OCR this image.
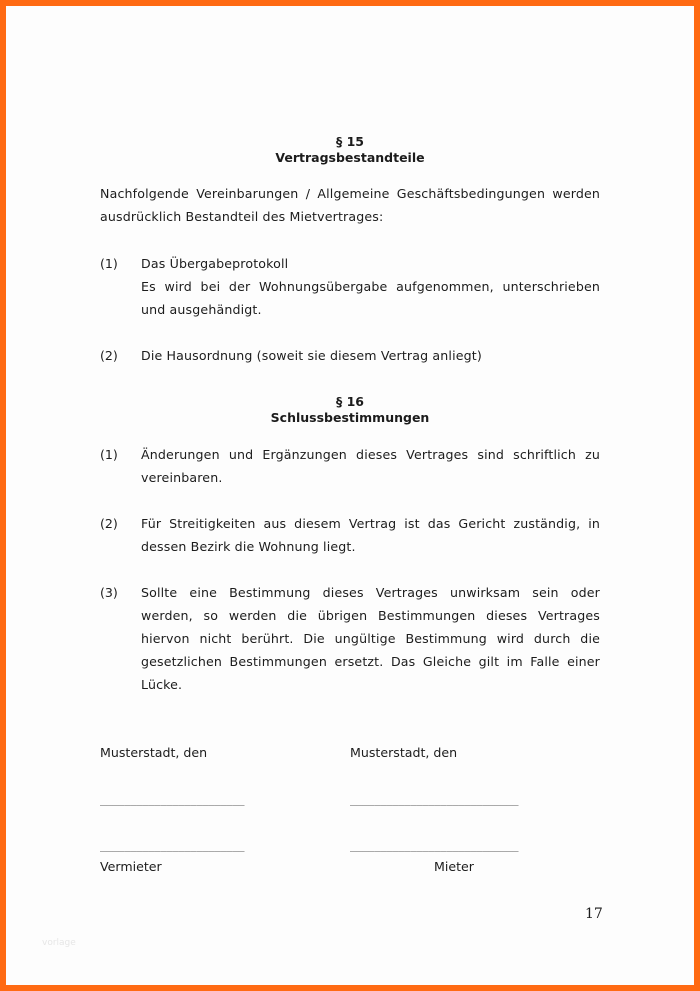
§ 15
Vertragsbestandteile
Nachfolgende Vereinbarungen / Allgemeine Geschäftsbedingungen werden ausdrücklich Bestandteil des Mietvertrages:
(1) Das Übergabeprotokoll
Es wird bei der Wohnungsübergabe aufgenommen, unterschrieben und ausgehändigt.
(2) Die Hausordnung (soweit sie diesem Vertrag anliegt)
§ 16
Schlussbestimmungen
(1) Änderungen und Ergänzungen dieses Vertrages sind schriftlich zu vereinbaren.
(2) Für Streitigkeiten aus diesem Vertrag ist das Gericht zuständig, in dessen Bezirk die Wohnung liegt.
(3) Sollte eine Bestimmung dieses Vertrages unwirksam sein oder werden, so werden die übrigen Bestimmungen dieses Vertrages hiervon nicht berührt. Die ungültige Bestimmung wird durch die gesetzlichen Bestimmungen ersetzt. Das Gleiche gilt im Falle einer Lücke.
Musterstadt, den	Musterstadt, den
________________________	____________________________
________________________	____________________________
Vermieter	Mieter
17
vorlage
